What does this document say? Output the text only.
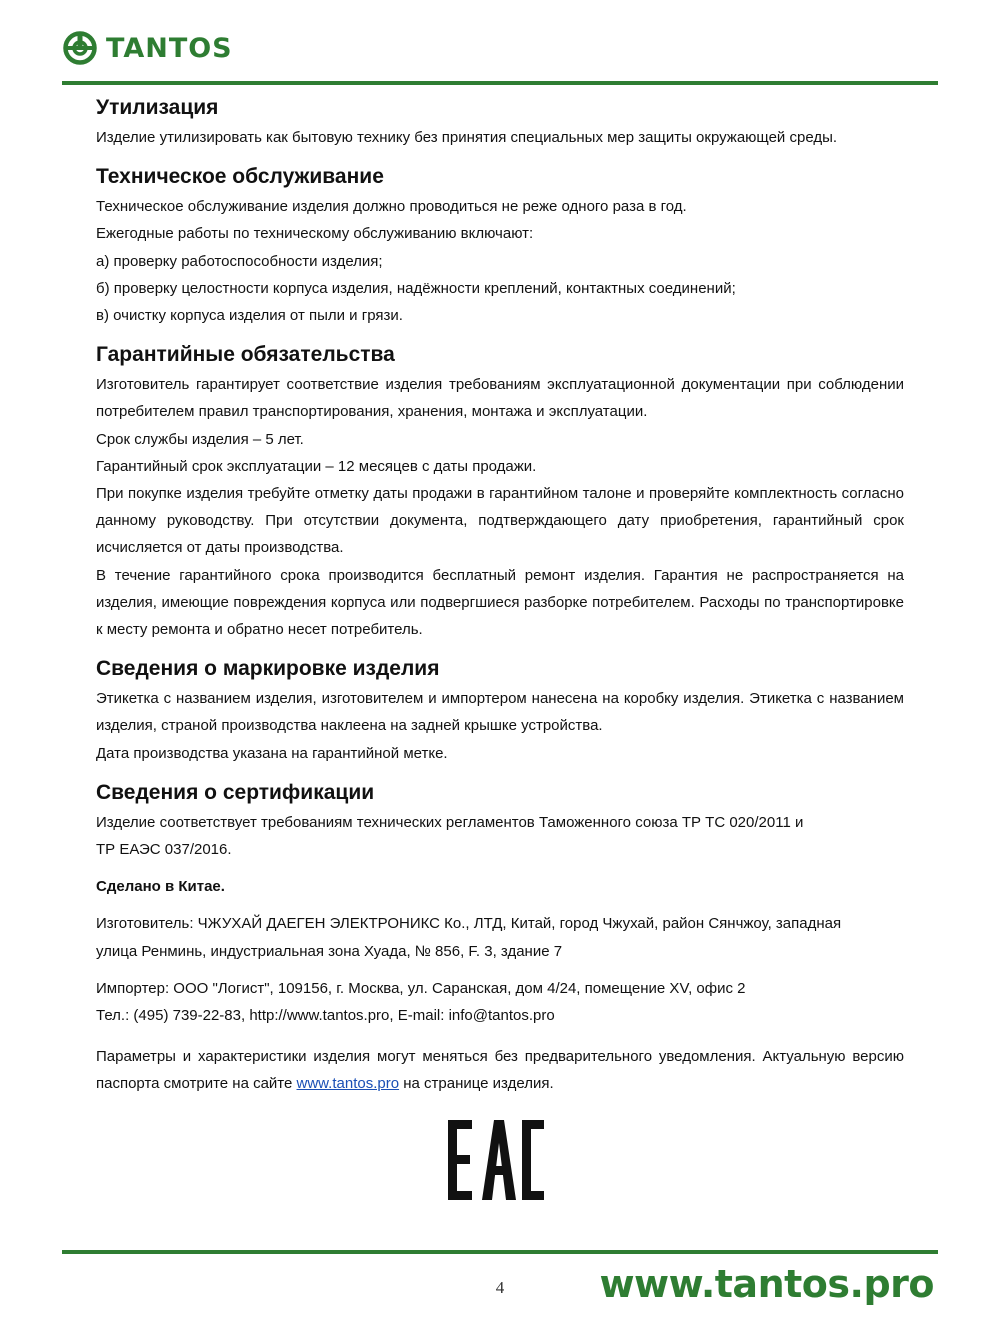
TANTOS
Утилизация

Изделие утилизировать как бытовую технику без принятия специальных мер защиты окружающей среды.

Техническое обслуживание

Техническое обслуживание изделия должно проводиться не реже одного раза в год.

Ежегодные работы по техническому обслуживанию включают:

а) проверку работоспособности изделия;

б) проверку целостности корпуса изделия, надёжности креплений, контактных соединений;

в) очистку корпуса изделия от пыли и грязи.

Гарантийные обязательства

Изготовитель гарантирует соответствие изделия требованиям эксплуатационной документации при соблюдении потребителем правил транспортирования, хранения, монтажа и эксплуатации.

Срок службы изделия – 5 лет.

Гарантийный срок эксплуатации – 12 месяцев с даты продажи.

При покупке изделия требуйте отметку даты продажи в гарантийном талоне и проверяйте комплектность согласно данному руководству. При отсутствии документа, подтверждающего дату приобретения, гарантийный срок исчисляется от даты производства.

В течение гарантийного срока производится бесплатный ремонт изделия. Гарантия не распространяется на изделия, имеющие повреждения корпуса или подвергшиеся разборке потребителем. Расходы по транспортировке к месту ремонта и обратно несет потребитель.

Сведения о маркировке изделия

Этикетка с названием изделия, изготовителем и импортером нанесена на коробку изделия. Этикетка с названием изделия, страной производства наклеена на задней крышке устройства.

Дата производства указана на гарантийной метке.

Сведения о сертификации

Изделие соответствует требованиям технических регламентов Таможенного союза ТР ТС 020/2011 и

ТР ЕАЭС 037/2016.

Сделано в Китае.

Изготовитель: ЧЖУХАЙ ДАЕГЕН ЭЛЕКТРОНИКС Ко., ЛТД, Китай, город Чжухай, район Сянчжоу, западная

улица Ренминь, индустриальная зона Хуада, № 856, F. 3, здание 7

Импортер: ООО "Логист", 109156, г. Москва, ул. Саранская, дом 4/24, помещение XV, офис 2

Тел.: (495) 739-22-83, http://www.tantos.pro, E-mail: info@tantos.pro

Параметры и характеристики изделия могут меняться без предварительного уведомления. Актуальную версию паспорта смотрите на сайте www.tantos.pro на странице изделия.

4	www.tantos.pro
